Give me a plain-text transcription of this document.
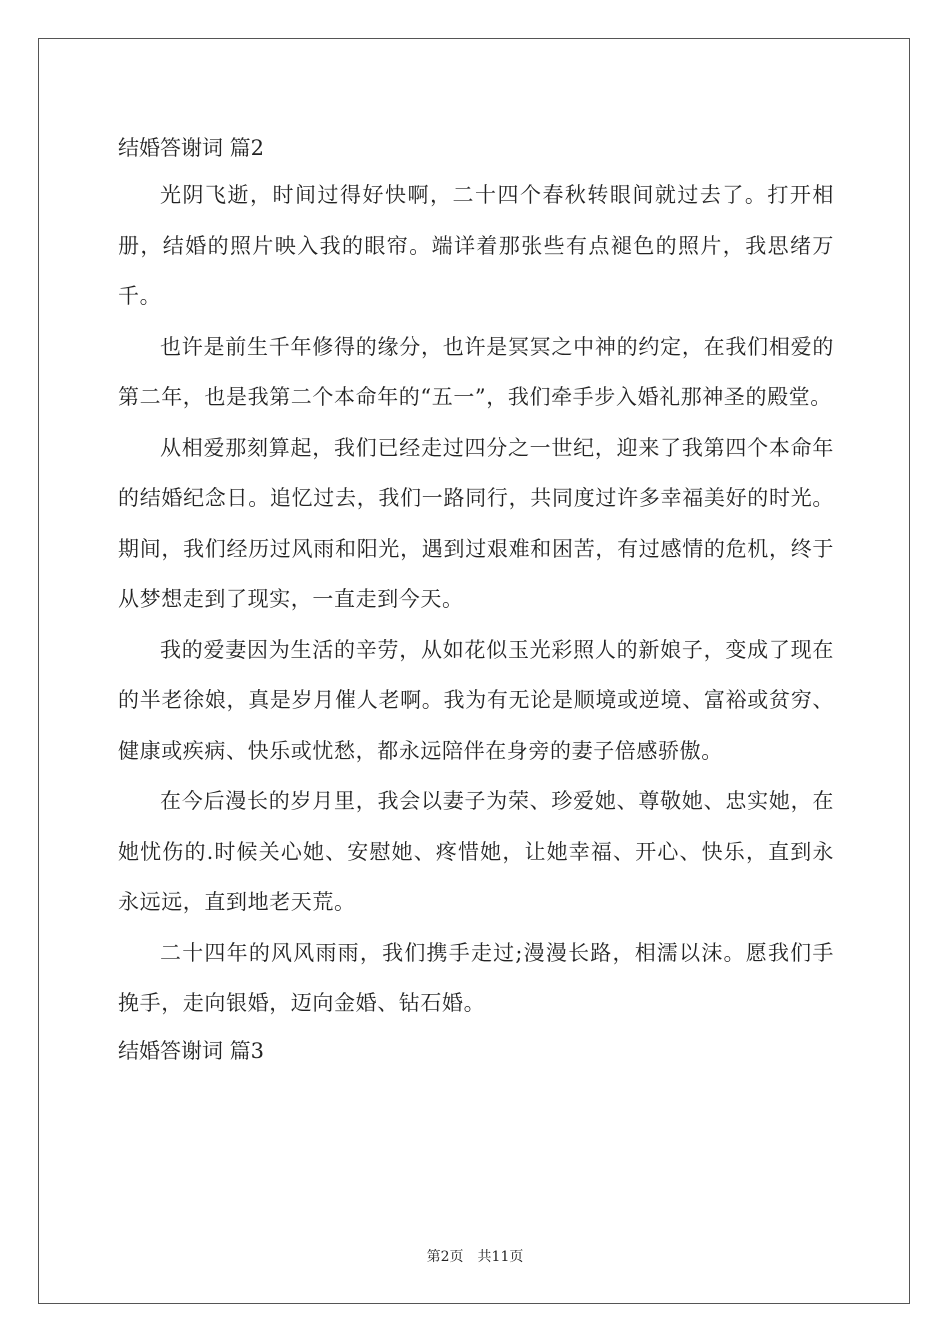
结婚答谢词 篇2

光阴飞逝，时间过得好快啊，二十四个春秋转眼间就过去了。打开相册，结婚的照片映入我的眼帘。端详着那张些有点褪色的照片，我思绪万千。

也许是前生千年修得的缘分，也许是冥冥之中神的约定，在我们相爱的第二年，也是我第二个本命年的“五一”，我们牵手步入婚礼那神圣的殿堂。

从相爱那刻算起，我们已经走过四分之一世纪，迎来了我第四个本命年的结婚纪念日。追忆过去，我们一路同行，共同度过许多幸福美好的时光。期间，我们经历过风雨和阳光，遇到过艰难和困苦，有过感情的危机，终于从梦想走到了现实，一直走到今天。

我的爱妻因为生活的辛劳，从如花似玉光彩照人的新娘子，变成了现在的半老徐娘，真是岁月催人老啊。我为有无论是顺境或逆境、富裕或贫穷、健康或疾病、快乐或忧愁，都永远陪伴在身旁的妻子倍感骄傲。

在今后漫长的岁月里，我会以妻子为荣、珍爱她、尊敬她、忠实她，在她忧伤的.时候关心她、安慰她、疼惜她，让她幸福、开心、快乐，直到永永远远，直到地老天荒。

二十四年的风风雨雨，我们携手走过;漫漫长路，相濡以沫。愿我们手挽手，走向银婚，迈向金婚、钻石婚。

结婚答谢词 篇3
第2页　共11页
